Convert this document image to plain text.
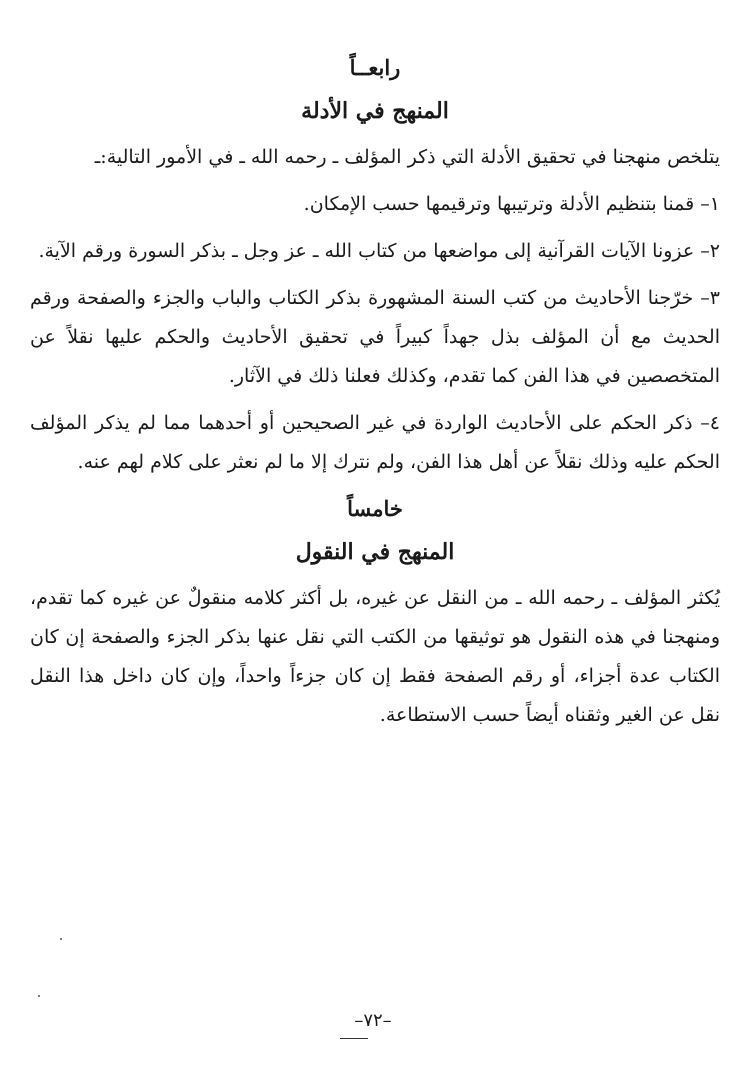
رابعــاً
المنهج في الأدلة

يتلخص منهجنا في تحقيق الأدلة التي ذكر المؤلف ـ رحمه الله ـ في الأمور التالية:ـ

١– قمنا بتنظيم الأدلة وترتيبها وترقيمها حسب الإمكان.

٢– عزونا الآيات القرآنية إلى مواضعها من كتاب الله ـ عز وجل ـ بذكر السورة ورقم الآية.

٣– خرّجنا الأحاديث من كتب السنة المشهورة بذكر الكتاب والباب والجزء والصفحة ورقم الحديث مع أن المؤلف بذل جهداً كبيراً في تحقيق الأحاديث والحكم عليها نقلاً عن المتخصصين في هذا الفن كما تقدم، وكذلك فعلنا ذلك في الآثار.

٤– ذكر الحكم على الأحاديث الواردة في غير الصحيحين أو أحدهما مما لم يذكر المؤلف الحكم عليه وذلك نقلاً عن أهل هذا الفن، ولم نترك إلا ما لم نعثر على كلام لهم عنه.

خامساً
المنهج في النقول

يُكثر المؤلف ـ رحمه الله ـ من النقل عن غيره، بل أكثر كلامه منقولٌ عن غيره كما تقدم، ومنهجنا في هذه النقول هو توثيقها من الكتب التي نقل عنها بذكر الجزء والصفحة إن كان الكتاب عدة أجزاء، أو رقم الصفحة فقط إن كان جزءاً واحداً، وإن كان داخل هذا النقل نقل عن الغير وثقناه أيضاً حسب الاستطاعة.

–٧٢–
